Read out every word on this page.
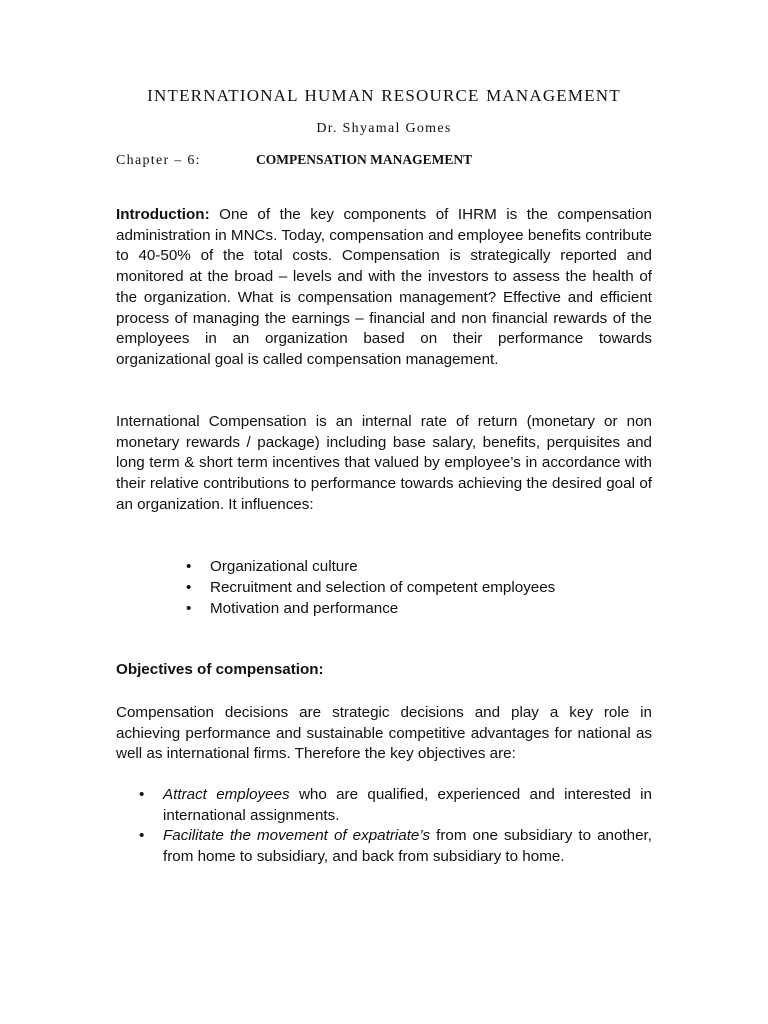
INTERNATIONAL HUMAN RESOURCE MANAGEMENT
Dr. Shyamal Gomes
Chapter – 6:	COMPENSATION MANAGEMENT
Introduction: One of the key components of IHRM is the compensation administration in MNCs. Today, compensation and employee benefits contribute to 40-50% of the total costs. Compensation is strategically reported and monitored at the broad – levels and with the investors to assess the health of the organization. What is compensation management? Effective and efficient process of managing the earnings – financial and non financial rewards of the employees in an organization based on their performance towards organizational goal is called compensation management.
International Compensation is an internal rate of return (monetary or non monetary rewards / package) including base salary, benefits, perquisites and long term & short term incentives that valued by employee’s in accordance with their relative contributions to performance towards achieving the desired goal of an organization. It influences:
• Organizational culture
• Recruitment and selection of competent employees
• Motivation and performance
Objectives of compensation:
Compensation decisions are strategic decisions and play a key role in achieving performance and sustainable competitive advantages for national as well as international firms. Therefore the key objectives are:
• Attract employees who are qualified, experienced and interested in international assignments.
• Facilitate the movement of expatriate’s from one subsidiary to another, from home to subsidiary, and back from subsidiary to home.
